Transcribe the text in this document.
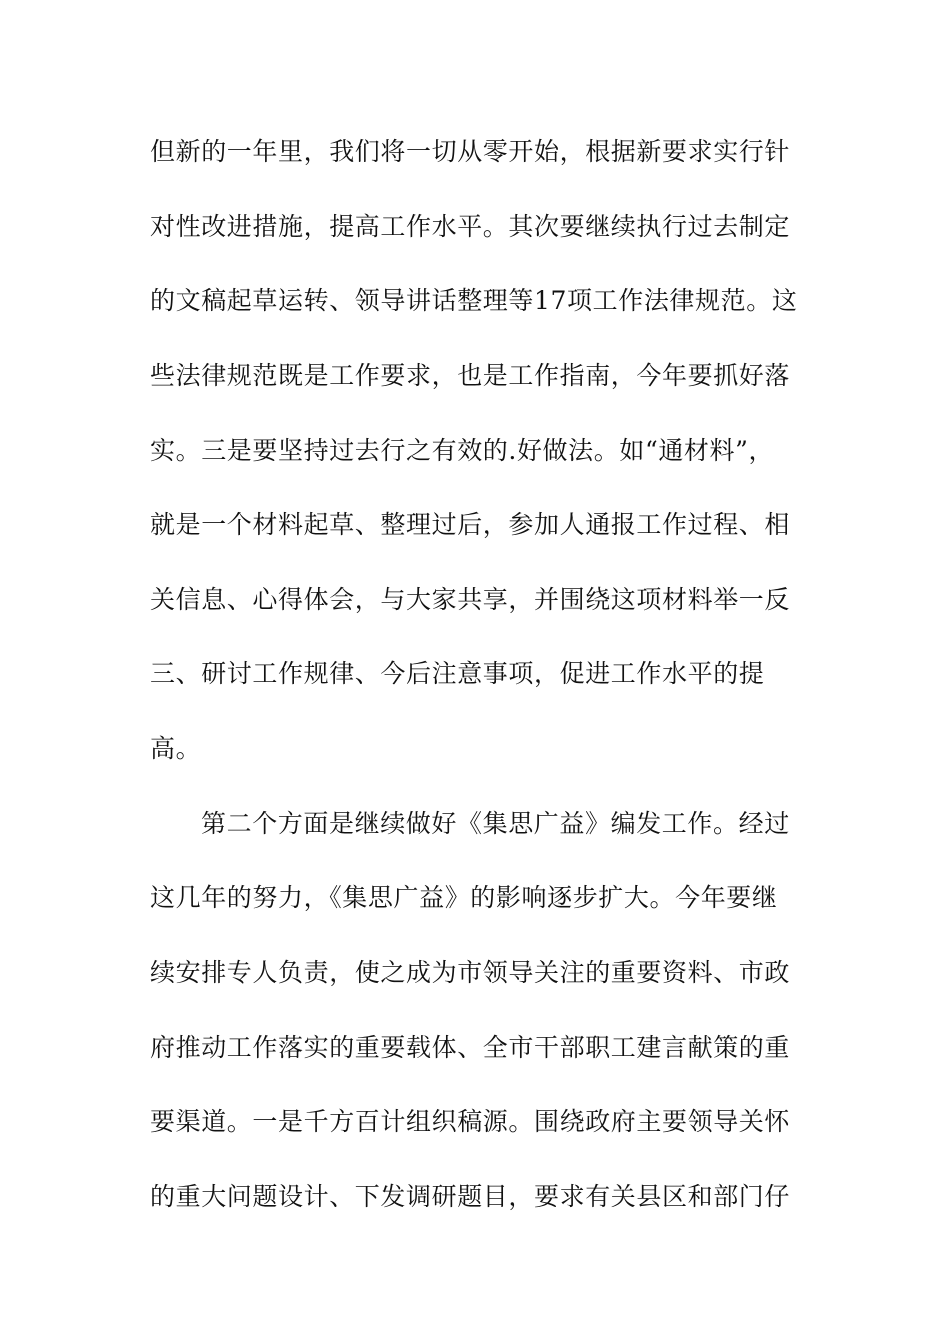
但新的一年里，我们将一切从零开始，根据新要求实行针
对性改进措施，提高工作水平。其次要继续执行过去制定
的文稿起草运转、领导讲话整理等17项工作法律规范。这
些法律规范既是工作要求，也是工作指南，今年要抓好落
实。三是要坚持过去行之有效的.好做法。如“通材料”，
就是一个材料起草、整理过后，参加人通报工作过程、相
关信息、心得体会，与大家共享，并围绕这项材料举一反
三、研讨工作规律、今后注意事项，促进工作水平的提
高。
第二个方面是继续做好《集思广益》编发工作。经过
这几年的努力，《集思广益》的影响逐步扩大。今年要继
续安排专人负责，使之成为市领导关注的重要资料、市政
府推动工作落实的重要载体、全市干部职工建言献策的重
要渠道。一是千方百计组织稿源。围绕政府主要领导关怀
的重大问题设计、下发调研题目，要求有关县区和部门仔
